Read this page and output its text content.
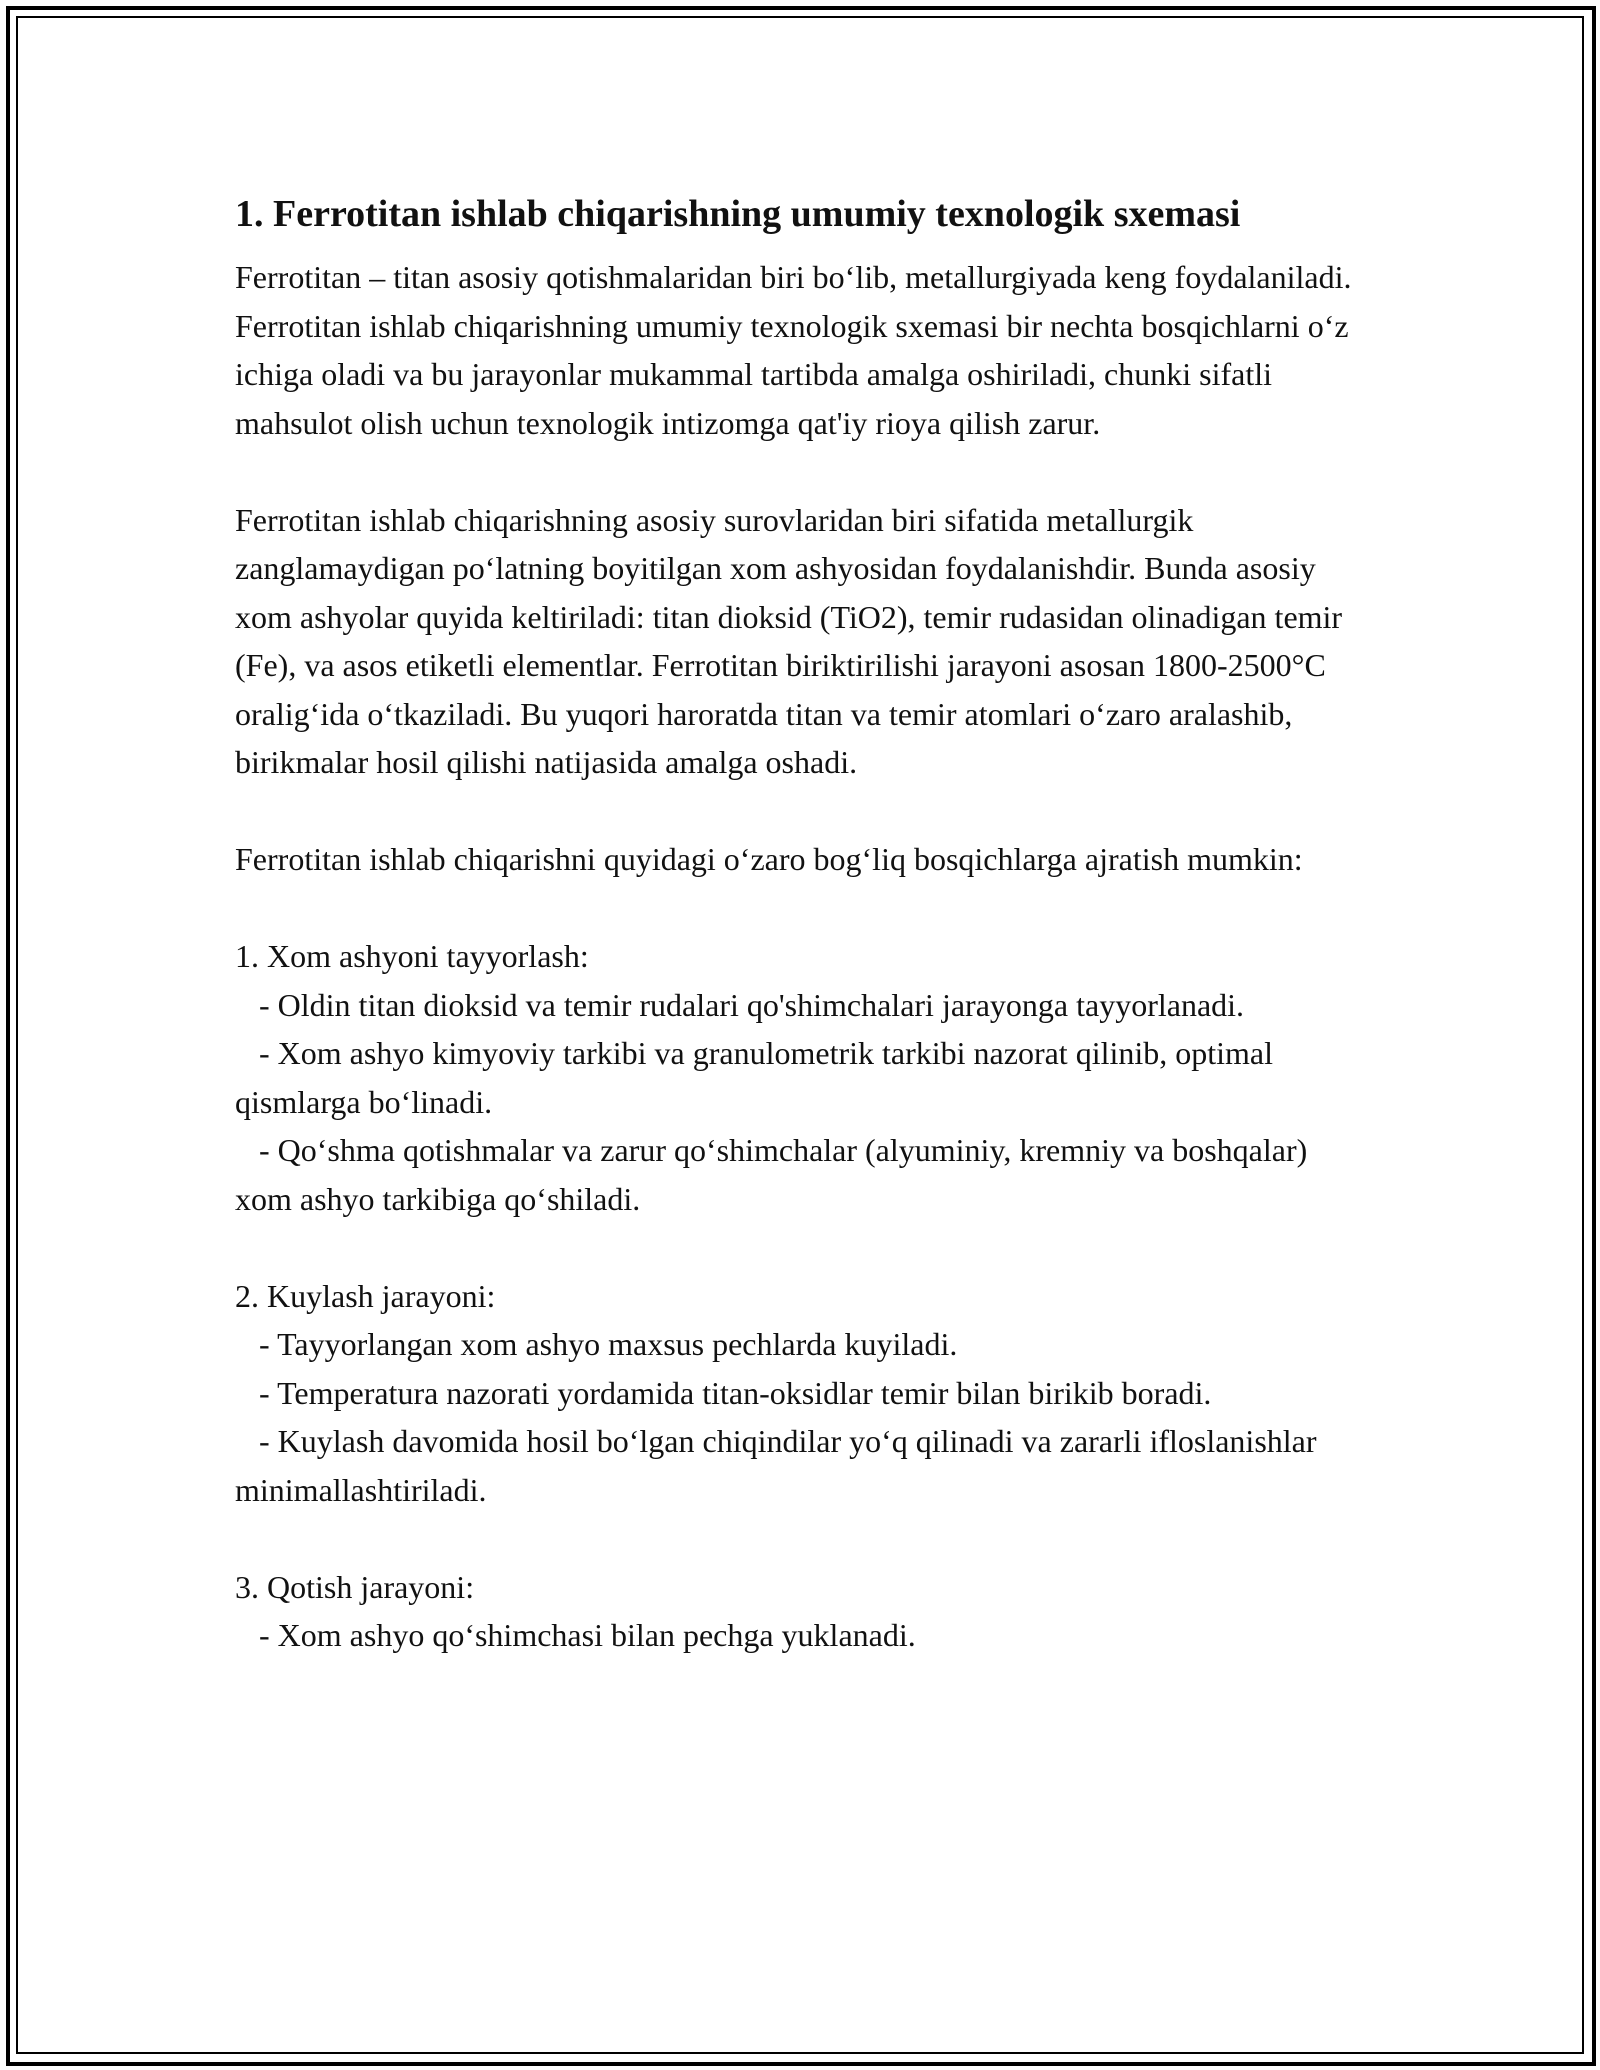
1. Ferrotitan ishlab chiqarishning umumiy texnologik sxemasi

Ferrotitan – titan asosiy qotishmalaridan biri bo‘lib, metallurgiyada keng foydalaniladi. Ferrotitan ishlab chiqarishning umumiy texnologik sxemasi bir nechta bosqichlarni o‘z ichiga oladi va bu jarayonlar mukammal tartibda amalga oshiriladi, chunki sifatli mahsulot olish uchun texnologik intizomga qat'iy rioya qilish zarur.

Ferrotitan ishlab chiqarishning asosiy surovlaridan biri sifatida metallurgik zanglamaydigan po‘latning boyitilgan xom ashyosidan foydalanishdir. Bunda asosiy xom ashyolar quyida keltiriladi: titan dioksid (TiO2), temir rudasidan olinadigan temir (Fe), va asos etiketli elementlar. Ferrotitan biriktirilishi jarayoni asosan 1800-2500°C oralig‘ida o‘tkaziladi. Bu yuqori haroratda titan va temir atomlari o‘zaro aralashib, birikmalar hosil qilishi natijasida amalga oshadi.

Ferrotitan ishlab chiqarishni quyidagi o‘zaro bog‘liq bosqichlarga ajratish mumkin:

1. Xom ashyoni tayyorlash:

- Oldin titan dioksid va temir rudalari qo'shimchalari jarayonga tayyorlanadi.

- Xom ashyo kimyoviy tarkibi va granulometrik tarkibi nazorat qilinib, optimal qismlarga bo‘linadi.

- Qo‘shma qotishmalar va zarur qo‘shimchalar (alyuminiy, kremniy va boshqalar) xom ashyo tarkibiga qo‘shiladi.

2. Kuylash jarayoni:

- Tayyorlangan xom ashyo maxsus pechlarda kuyiladi.

- Temperatura nazorati yordamida titan-oksidlar temir bilan birikib boradi.

- Kuylash davomida hosil bo‘lgan chiqindilar yo‘q qilinadi va zararli ifloslanishlar minimallashtiriladi.

3. Qotish jarayoni:

- Xom ashyo qo‘shimchasi bilan pechga yuklanadi.
